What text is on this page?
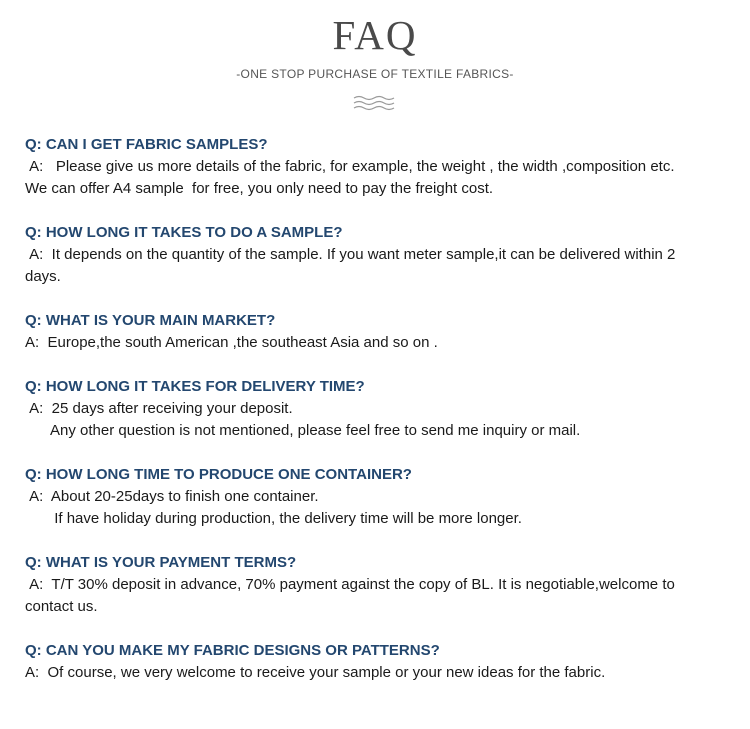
FAQ
-ONE STOP PURCHASE OF TEXTILE FABRICS-
Q: CAN I GET FABRIC SAMPLES?
A:   Please give us more details of the fabric, for example, the weight , the width ,composition etc.
We can offer A4 sample  for free, you only need to pay the freight cost.
Q: HOW LONG IT TAKES TO DO A SAMPLE?
A:  It depends on the quantity of the sample. If you want meter sample,it can be delivered within 2
days.
Q: WHAT IS YOUR MAIN MARKET?
A:  Europe,the south American ,the southeast Asia and so on .
Q: HOW LONG IT TAKES FOR DELIVERY TIME?
A:  25 days after receiving your deposit.
Any other question is not mentioned, please feel free to send me inquiry or mail.
Q: HOW LONG TIME TO PRODUCE ONE CONTAINER?
A:  About 20-25days to finish one container.
If have holiday during production, the delivery time will be more longer.
Q: WHAT IS YOUR PAYMENT TERMS?
A:  T/T 30% deposit in advance, 70% payment against the copy of BL. It is negotiable,welcome to
contact us.
Q: CAN YOU MAKE MY FABRIC DESIGNS OR PATTERNS?
A:  Of course, we very welcome to receive your sample or your new ideas for the fabric.
